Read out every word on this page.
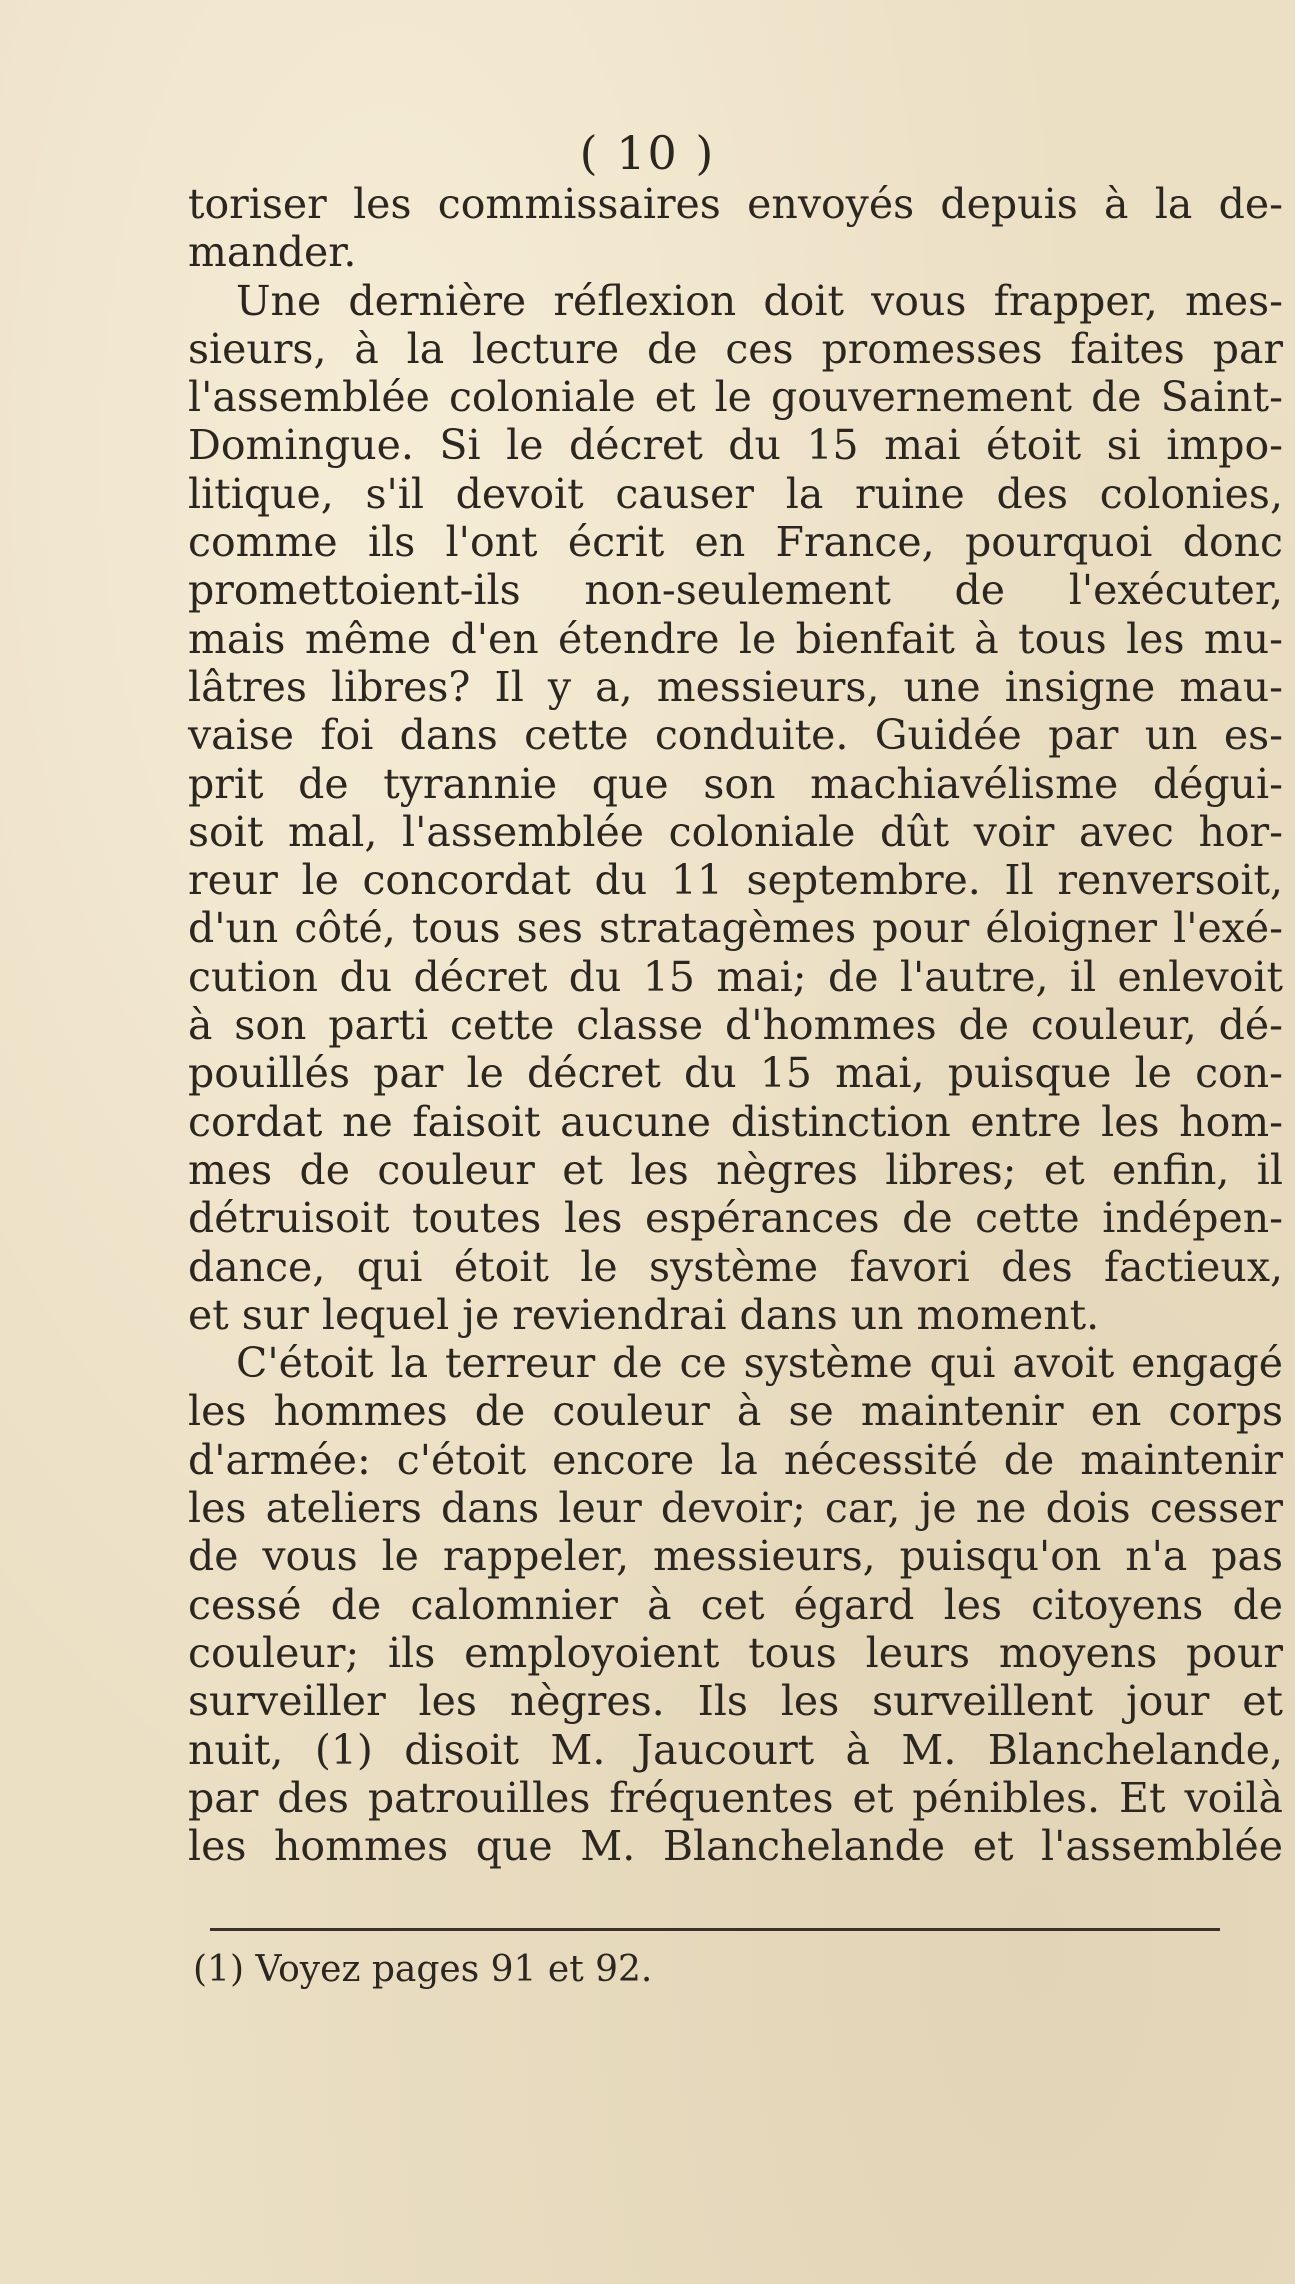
( 10 )
toriser les commissaires envoyés depuis à la de-
mander.
Une dernière réflexion doit vous frapper, mes-
sieurs, à la lecture de ces promesses faites par
l'assemblée coloniale et le gouvernement de Saint-
Domingue. Si le décret du 15 mai étoit si impo-
litique, s'il devoit causer la ruine des colonies,
comme ils l'ont écrit en France, pourquoi donc
promettoient-ils non-seulement de l'exécuter,
mais même d'en étendre le bienfait à tous les mu-
lâtres libres? Il y a, messieurs, une insigne mau-
vaise foi dans cette conduite. Guidée par un es-
prit de tyrannie que son machiavélisme dégui-
soit mal, l'assemblée coloniale dût voir avec hor-
reur le concordat du 11 septembre. Il renversoit,
d'un côté, tous ses stratagèmes pour éloigner l'exé-
cution du décret du 15 mai; de l'autre, il enlevoit
à son parti cette classe d'hommes de couleur, dé-
pouillés par le décret du 15 mai, puisque le con-
cordat ne faisoit aucune distinction entre les hom-
mes de couleur et les nègres libres; et enfin, il
détruisoit toutes les espérances de cette indépen-
dance, qui étoit le système favori des factieux,
et sur lequel je reviendrai dans un moment.
C'étoit la terreur de ce système qui avoit engagé
les hommes de couleur à se maintenir en corps
d'armée: c'étoit encore la nécessité de maintenir
les ateliers dans leur devoir; car, je ne dois cesser
de vous le rappeler, messieurs, puisqu'on n'a pas
cessé de calomnier à cet égard les citoyens de
couleur; ils employoient tous leurs moyens pour
surveiller les nègres. Ils les surveillent jour et
nuit, (1) disoit M. Jaucourt à M. Blanchelande,
par des patrouilles fréquentes et pénibles. Et voilà
les hommes que M. Blanchelande et l'assemblée
(1) Voyez pages 91 et 92.
